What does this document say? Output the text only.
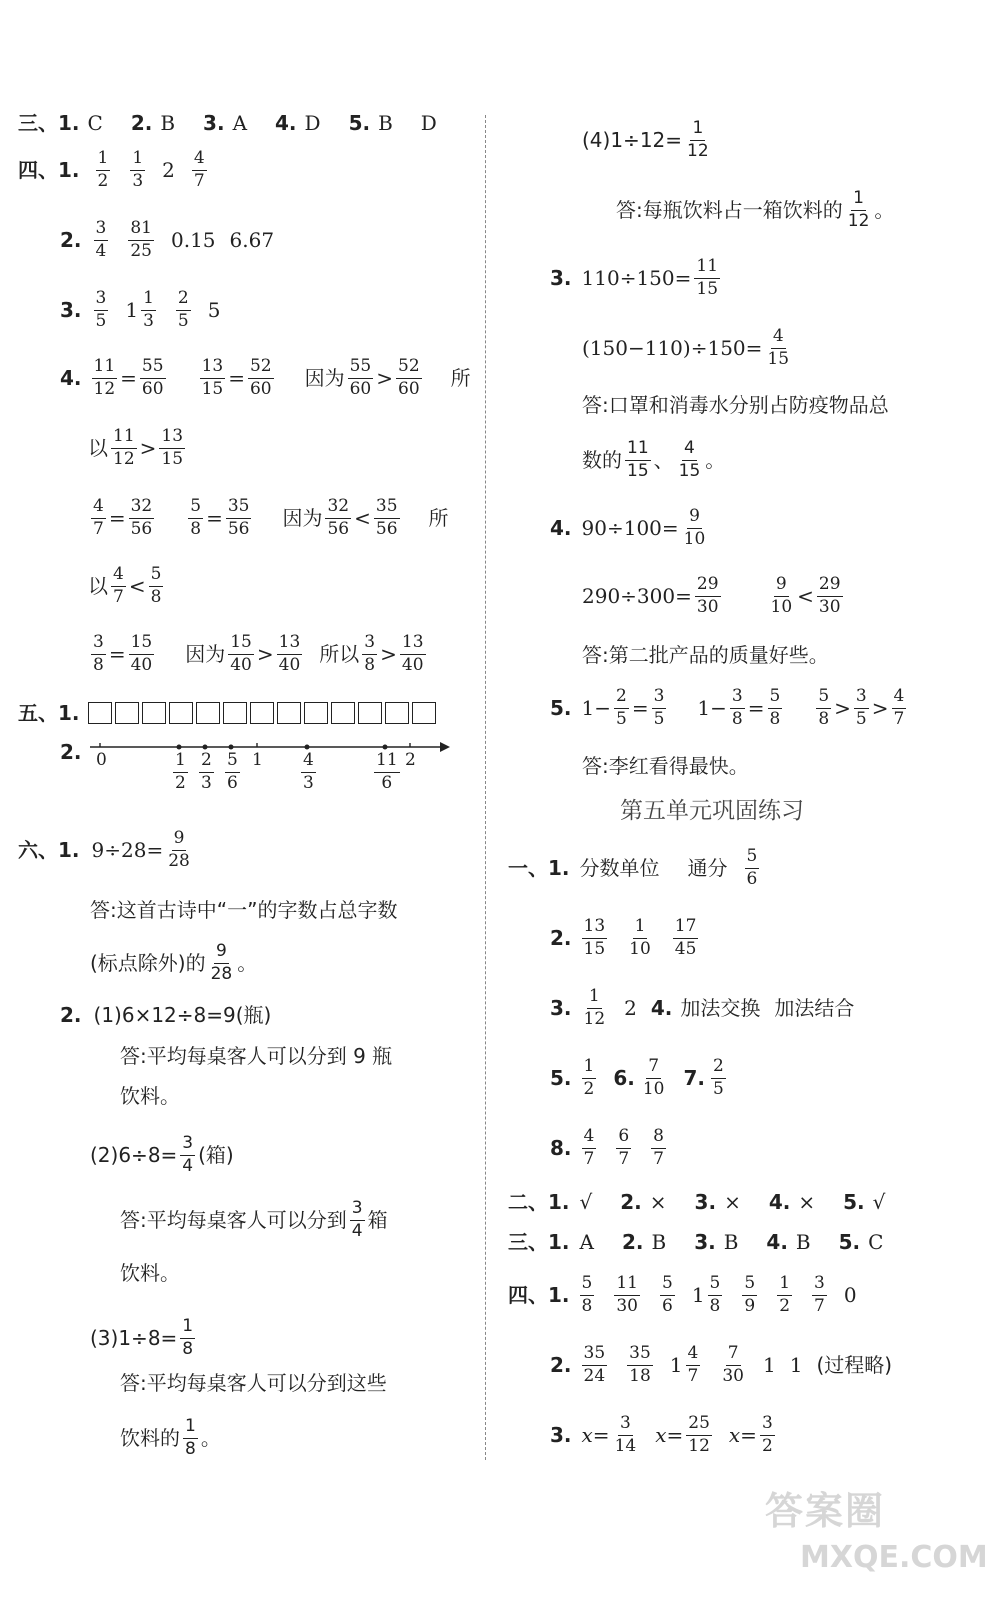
三、1. C 2. B 3. A 4. D 5. B D
四、1. $\frac{1}{2} \frac{1}{3} 2 \frac{4}{7}$
2. $\frac{3}{4} \frac{81}{25} 0.15$ 6.67
3. $\frac{3}{5} 1 \frac{1}{3} \frac{2}{5} 5$
4. $\frac{11}{12} = \frac{55}{60} \frac{13}{15} = \frac{52}{60}$ 因为 $\frac{55}{60} > \frac{52}{60}$ 所
以 $\frac{11}{12} > \frac{13}{15}$
$\frac{4}{7} = \frac{32}{56} \frac{5}{8} = \frac{35}{56}$ 因为 $\frac{32}{56} < \frac{35}{56}$ 所
以 $\frac{4}{7} < \frac{5}{8}$
$\frac{3}{8} = \frac{15}{40}$ 因为 $\frac{15}{40} > \frac{13}{40}$ 所以 $\frac{3}{8} > \frac{13}{40}$
五、1.
2. 0	1	2
$\frac{1}{2} \frac{2}{3} \frac{5}{6}$	$\frac{4}{3}$	$\frac{11}{6}$
六、1. $9\div 28= \frac{9}{28}$
答:这首古诗中“一”的字数占总字数
(标点除外)的 $\frac{9}{28}$ 。
2. (1)6×12÷8=9(瓶)
答:平均每桌客人可以分到 9 瓶
饮料。
$(2)6\div 8= \frac{3}{4}$ (箱)
答:平均每桌客人可以分到 $\frac{3}{4}$ 箱
饮料。
$(3)1\div 8= \frac{1}{8}$
答:平均每桌客人可以分到这些
饮料的 $\frac{1}{8}$ 。
$(4)1\div 12= \frac{1}{12}$
答:每瓶饮料占一箱饮料的 $\frac{1}{12}$ 。
3. $110\div 150= \frac{11}{15}$
$(150-110)\div 150= \frac{4}{15}$
答:口罩和消毒水分别占防疫物品总
数的 $\frac{11}{15}$ 、 $\frac{4}{15}$ 。
4. $90\div 100= \frac{9}{10}$
$290\div 300= \frac{29}{30}$	$\frac{9}{10} < \frac{29}{30}$
答:第二批产品的质量好些。
5. $1- \frac{2}{5} = \frac{3}{5} 1- \frac{3}{8} = \frac{5}{8} \frac{5}{8} > \frac{3}{5} > \frac{4}{7}$
答:李红看得最快。
第五单元巩固练习
一、1. 分数单位 通分 $\frac{5}{6}$
2. $\frac{13}{15} \frac{1}{10} \frac{17}{45}$
3. $\frac{1}{12} 2$ 4. 加法交换 加法结合
5. $\frac{1}{2} 6$. $\frac{7}{10} 7$. $\frac{2}{5}$
8. $\frac{4}{7} \frac{6}{7} \frac{8}{7}$
二、1. √ 2. × 3. × 4. × 5. √
三、1. A 2. B 3. B 4. B 5. C
四、1. $\frac{5}{8} \frac{11}{30} \frac{5}{6} 1 \frac{5}{8} \frac{5}{9} \frac{1}{2} \frac{3}{7} 0$
2. $\frac{35}{24} \frac{35}{18} 1 \frac{4}{7} \frac{7}{30} 1$ 1 (过程略)
3. $x= \frac{3}{14} x= \frac{25}{12} x= \frac{3}{2}$
答案圈
MXQE.COM
